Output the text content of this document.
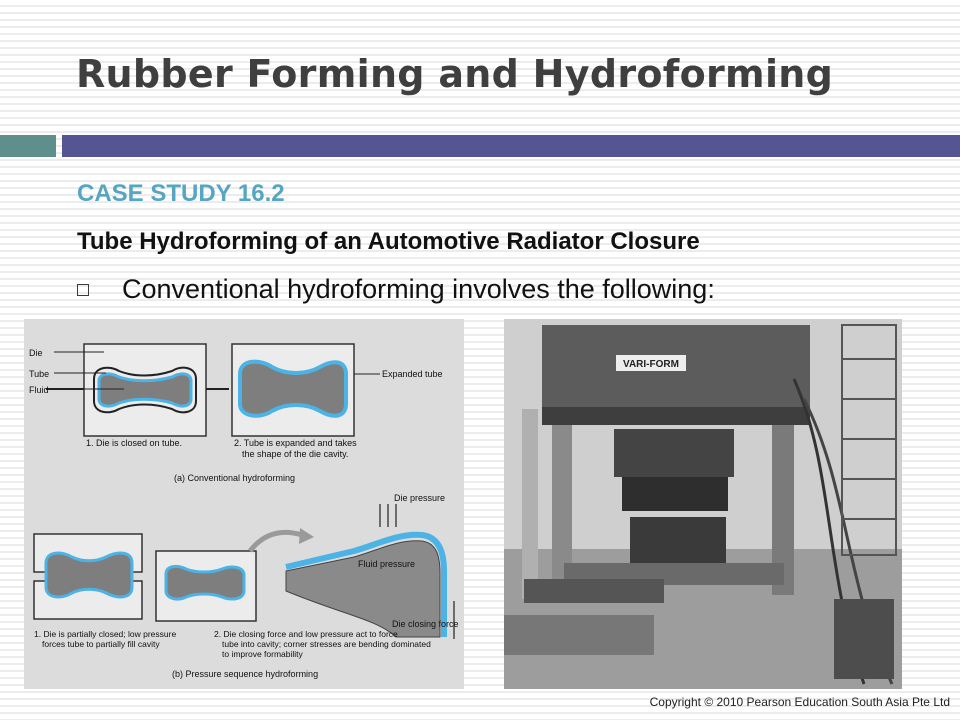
Rubber Forming and Hydroforming
CASE STUDY 16.2
Tube Hydroforming of an Automotive Radiator Closure
Conventional hydroforming involves the following:
Die
Tube
Fluid
1. Die is closed on tube.
Expanded tube
2. Tube is expanded and takes
the shape of the die cavity.
(a) Conventional hydroforming
Die pressure
Fluid pressure
Die closing force
1. Die is partially closed; low pressure
forces tube to partially fill cavity
2. Die closing force and low pressure act to force
tube into cavity; corner stresses are bending dominated
to improve formability
(b) Pressure sequence hydroforming
VARI-FORM
Copyright © 2010 Pearson Education South Asia Pte Ltd
